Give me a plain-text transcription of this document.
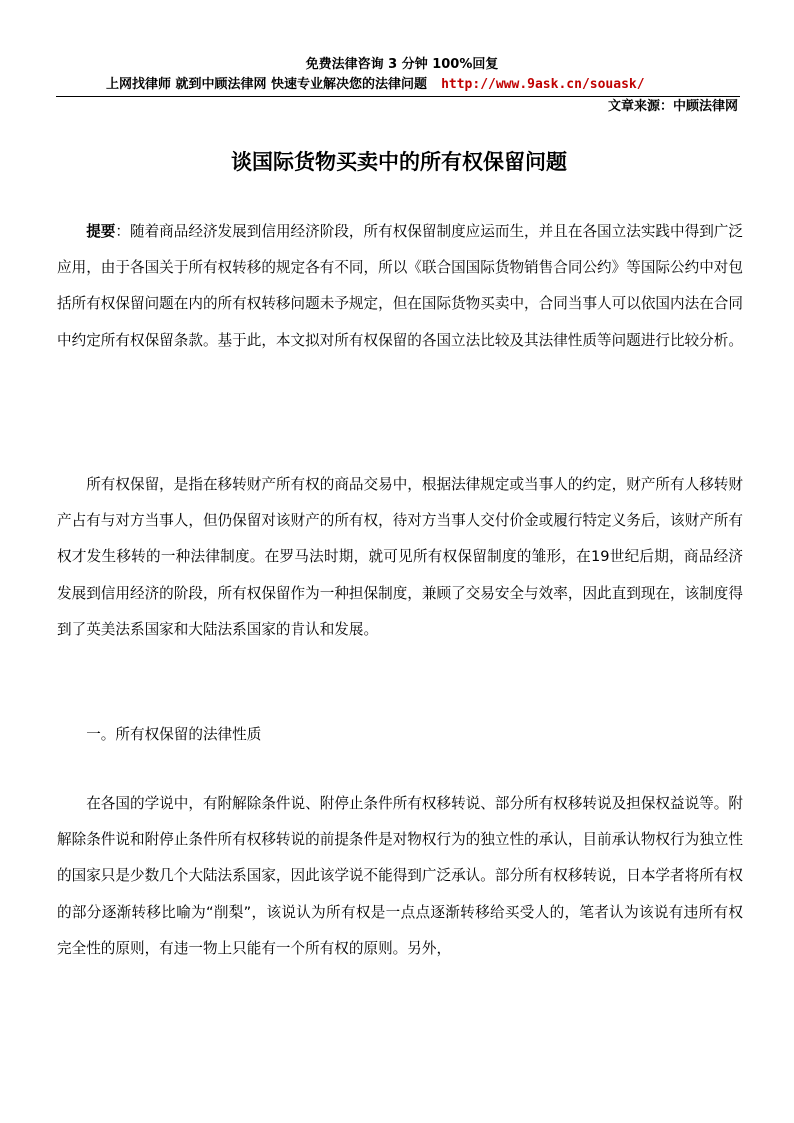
免费法律咨询 3 分钟 100%回复
上网找律师 就到中顾法律网 快速专业解决您的法律问题 http://www.9ask.cn/souask/
文章来源：中顾法律网
谈国际货物买卖中的所有权保留问题

提要：随着商品经济发展到信用经济阶段，所有权保留制度应运而生，并且在各国立法实践中得到广泛应用，由于各国关于所有权转移的规定各有不同，所以《联合国国际货物销售合同公约》等国际公约中对包括所有权保留问题在内的所有权转移问题未予规定，但在国际货物买卖中，合同当事人可以依国内法在合同中约定所有权保留条款。基于此，本文拟对所有权保留的各国立法比较及其法律性质等问题进行比较分析。

所有权保留，是指在移转财产所有权的商品交易中，根据法律规定或当事人的约定，财产所有人移转财产占有与对方当事人，但仍保留对该财产的所有权，待对方当事人交付价金或履行特定义务后，该财产所有权才发生移转的一种法律制度。在罗马法时期，就可见所有权保留制度的雏形，在19世纪后期，商品经济发展到信用经济的阶段，所有权保留作为一种担保制度，兼顾了交易安全与效率，因此直到现在，该制度得到了英美法系国家和大陆法系国家的肯认和发展。

一。所有权保留的法律性质

在各国的学说中，有附解除条件说、附停止条件所有权移转说、部分所有权移转说及担保权益说等。附解除条件说和附停止条件所有权移转说的前提条件是对物权行为的独立性的承认，目前承认物权行为独立性的国家只是少数几个大陆法系国家，因此该学说不能得到广泛承认。部分所有权移转说，日本学者将所有权的部分逐渐转移比喻为“削梨”，该说认为所有权是一点点逐渐转移给买受人的，笔者认为该说有违所有权完全性的原则，有违一物上只能有一个所有权的原则。另外，
